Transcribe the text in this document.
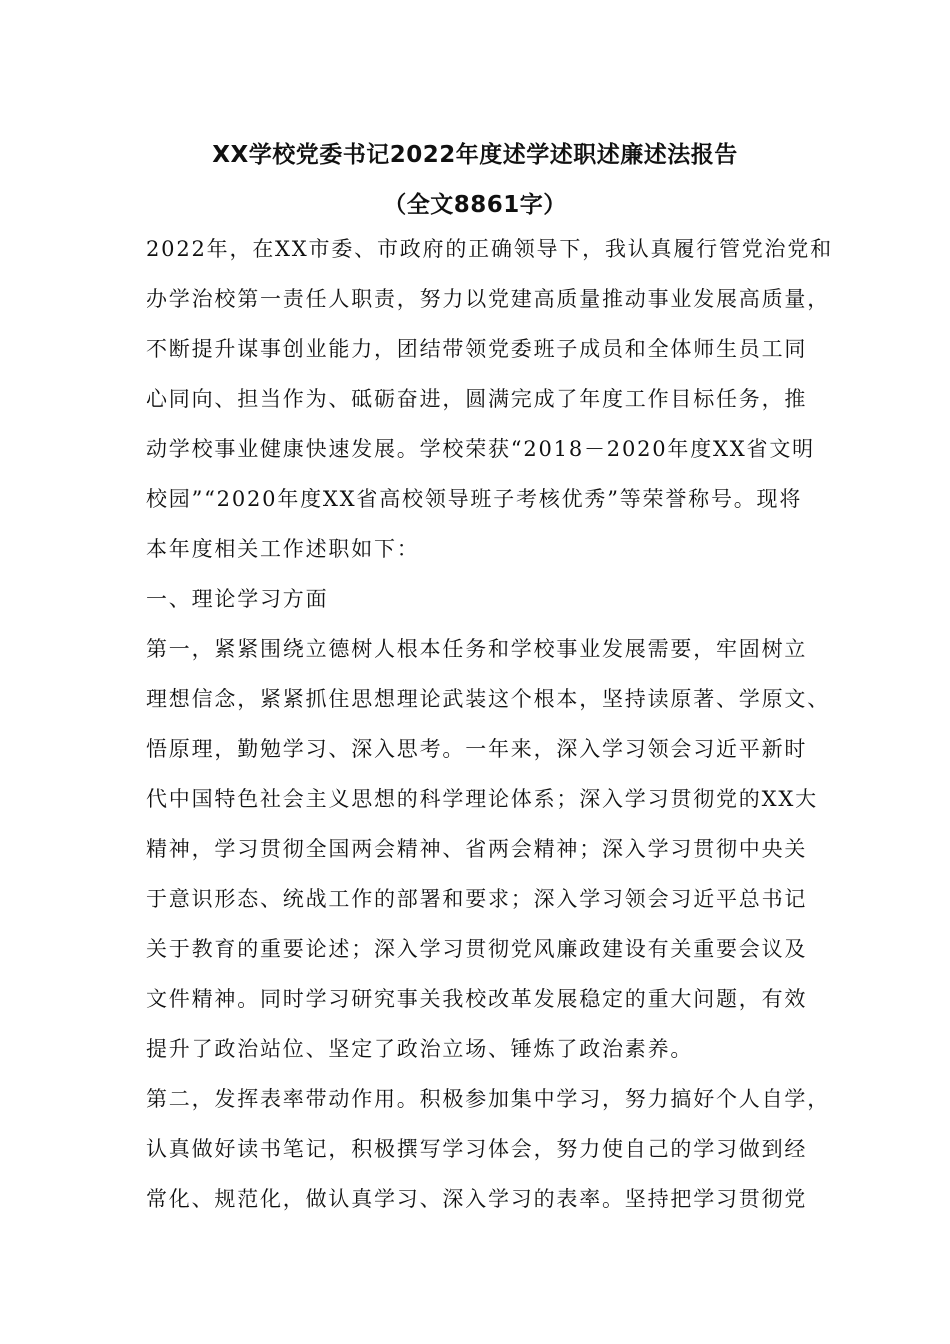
XX学校党委书记2022年度述学述职述廉述法报告
（全文8861字）
2022年，在XX市委、市政府的正确领导下，我认真履行管党治党和
办学治校第一责任人职责，努力以党建高质量推动事业发展高质量，
不断提升谋事创业能力，团结带领党委班子成员和全体师生员工同
心同向、担当作为、砥砺奋进，圆满完成了年度工作目标任务，推
动学校事业健康快速发展。学校荣获“2018－2020年度XX省文明
校园”“2020年度XX省高校领导班子考核优秀”等荣誉称号。现将
本年度相关工作述职如下：
一、理论学习方面
第一，紧紧围绕立德树人根本任务和学校事业发展需要，牢固树立
理想信念，紧紧抓住思想理论武装这个根本，坚持读原著、学原文、
悟原理，勤勉学习、深入思考。一年来，深入学习领会习近平新时
代中国特色社会主义思想的科学理论体系；深入学习贯彻党的XX大
精神，学习贯彻全国两会精神、省两会精神；深入学习贯彻中央关
于意识形态、统战工作的部署和要求；深入学习领会习近平总书记
关于教育的重要论述；深入学习贯彻党风廉政建设有关重要会议及
文件精神。同时学习研究事关我校改革发展稳定的重大问题，有效
提升了政治站位、坚定了政治立场、锤炼了政治素养。
第二，发挥表率带动作用。积极参加集中学习，努力搞好个人自学，
认真做好读书笔记，积极撰写学习体会，努力使自己的学习做到经
常化、规范化，做认真学习、深入学习的表率。坚持把学习贯彻党
